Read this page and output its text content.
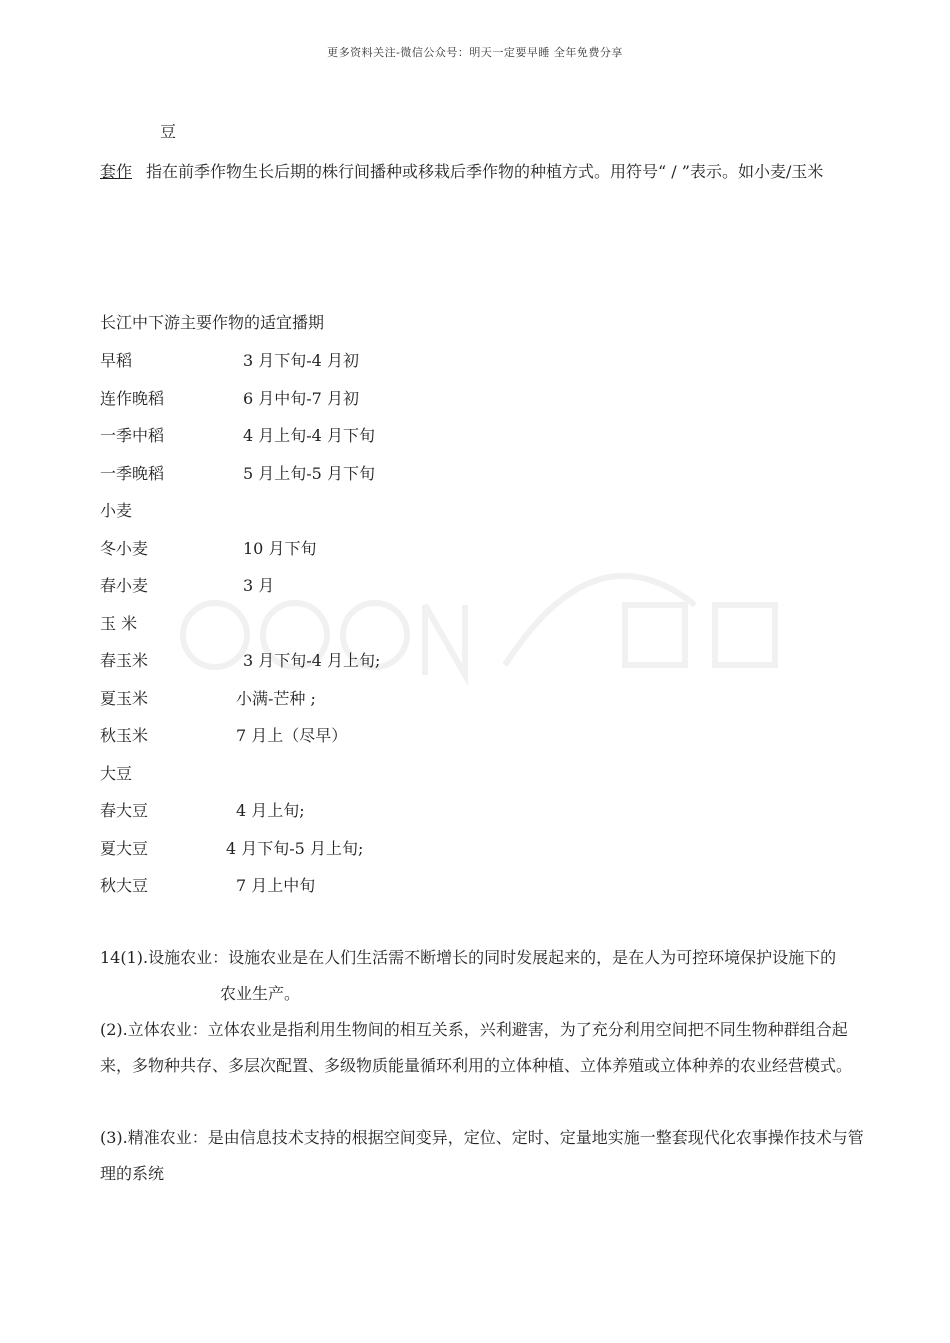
更多资料关注-微信公众号：明天一定要早睡 全年免费分享
豆
套作 指在前季作物生长后期的株行间播种或移栽后季作物的种植方式。用符号“ / ”表示。如小麦/玉米
长江中下游主要作物的适宜播期
早稻	3 月下旬-4 月初
连作晚稻	6 月中旬-7 月初
一季中稻	4 月上旬-4 月下旬
一季晚稻	5 月上旬-5 月下旬
小麦
冬小麦	10 月下旬
春小麦	3 月
玉 米
春玉米	3 月下旬-4 月上旬;
夏玉米	小满-芒种 ;
秋玉米	7 月上（尽早）
大豆
春大豆	4 月上旬;
夏大豆	4 月下旬-5 月上旬;
秋大豆	7 月上中旬
14(1).设施农业：设施农业是在人们生活需不断增长的同时发展起来的，是在人为可控环境保护设施下的
农业生产。
(2).立体农业：立体农业是指利用生物间的相互关系，兴利避害，为了充分利用空间把不同生物种群组合起来，多物种共存、多层次配置、多级物质能量循环利用的立体种植、立体养殖或立体种养的农业经营模式。
(3).精准农业：是由信息技术支持的根据空间变异，定位、定时、定量地实施一整套现代化农事操作技术与管理的系统
